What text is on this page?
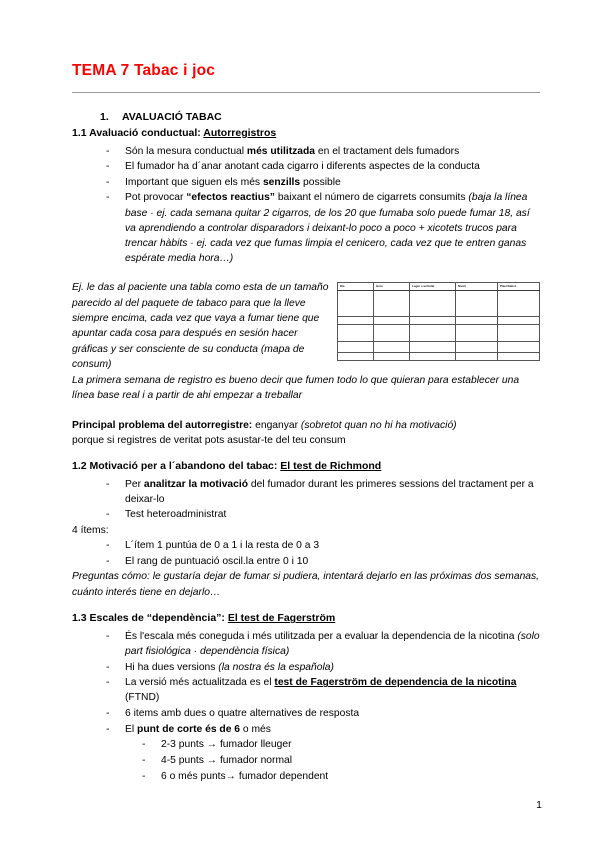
TEMA 7 Tabac i joc
1. AVALUACIÓ TABAC
1.1 Avaluació conductual: Autorregistros
- Són la mesura conductual més utilitzada en el tractament dels fumadors
- El fumador ha d´anar anotant cada cigarro i diferents aspectes de la conducta
- Important que siguen els més senzills possible
- Pot provocar “efectos reactius” baixant el número de cigarrets consumits (baja la línea base · ej. cada semana quitar 2 cigarros, de los 20 que fumaba solo puede fumar 18, así va aprendiendo a controlar disparadors i deixant-lo poco a poco + xicotets trucos para trencar hàbits · ej. cada vez que fumas limpia el cenicero, cada vez que te entren ganas espérate media hora…)
Dia	Hora	Lugar o activitat	Nivell	Plaer/Satisf.

Ej. le das al paciente una tabla como esta de un tamaño parecido al del paquete de tabaco para que la lleve siempre encima, cada vez que vaya a fumar tiene que apuntar cada cosa para después en sesión hacer gráficas y ser consciente de su conducta (mapa de consum)

La primera semana de registro es bueno decir que fumen todo lo que quieran para establecer una línea base real i a partir de ahi empezar a treballar

Principal problema del autorregistre: enganyar (sobretot quan no hi ha motivació)

porque si registres de veritat pots asustar-te del teu consum

1.2 Motivació per a l´abandono del tabac: El test de Richmond
- Per analitzar la motivació del fumador durant les primeres sessions del tractament per a deixar-lo
- Test heteroadministrat

4 ítems:

- L´ítem 1 puntúa de 0 a 1 i la resta de 0 a 3
- El rang de puntuació oscil.la entre 0 i 10

Preguntas cómo: le gustaría dejar de fumar si pudiera, intentará dejarlo en las próximas dos semanas, cuánto interés tiene en dejarlo…

1.3 Escales de “dependència”: El test de Fagerström
- És l'escala més coneguda i més utilitzada per a evaluar la dependencia de la nicotina (solo part fisiológica · dependència física)
- Hi ha dues versions (la nostra és la española)
- La versió més actualitzada es el test de Fagerström de dependencia de la nicotina (FTND)
- 6 items amb dues o quatre alternatives de resposta
- El punt de corte és de 6 o més
- 2-3 punts → fumador lleuger
- 4-5 punts → fumador normal
- 6 o més punts→ fumador dependent
1
